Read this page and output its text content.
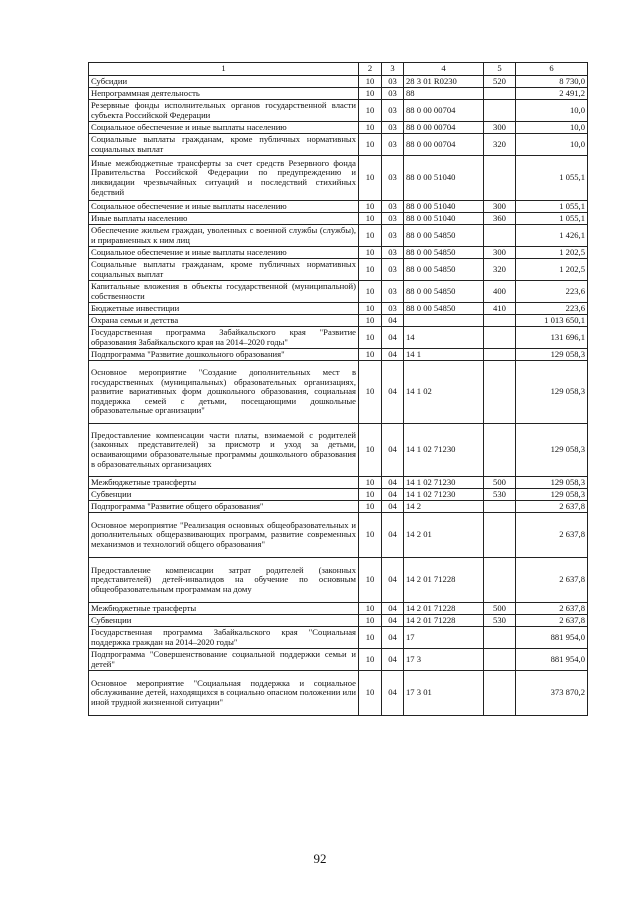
1	2	3	4	5	6
Субсидии	10	03	28 3 01 R0230	520	8 730,0
Непрограммная деятельность	10	03	88		2 491,2
Резервные фонды исполнительных органов государственной власти субъекта Российской Федерации	10	03	88 0 00 00704		10,0
Социальное обеспечение и иные выплаты населению	10	03	88 0 00 00704	300	10,0
Социальные выплаты гражданам, кроме публичных нормативных социальных выплат	10	03	88 0 00 00704	320	10,0
Иные межбюджетные трансферты за счет средств Резервного фонда Правительства Российской Федерации по предупреждению и ликвидации чрезвычайных ситуаций и последствий стихийных бедствий	10	03	88 0 00 51040		1 055,1
Социальное обеспечение и иные выплаты населению	10	03	88 0 00 51040	300	1 055,1
Иные выплаты населению	10	03	88 0 00 51040	360	1 055,1
Обеспечение жильем граждан, уволенных с военной службы (службы), и приравненных к ним лиц	10	03	88 0 00 54850		1 426,1
Социальное обеспечение и иные выплаты населению	10	03	88 0 00 54850	300	1 202,5
Социальные выплаты гражданам, кроме публичных нормативных социальных выплат	10	03	88 0 00 54850	320	1 202,5
Капитальные вложения в объекты государственной (муниципальной) собственности	10	03	88 0 00 54850	400	223,6
Бюджетные инвестиции	10	03	88 0 00 54850	410	223,6
Охрана семьи и детства	10	04			1 013 650,1
Государственная программа Забайкальского края "Развитие образования Забайкальского края на 2014–2020 годы"	10	04	14		131 696,1
Подпрограмма "Развитие дошкольного образования"	10	04	14 1		129 058,3
Основное мероприятие "Создание дополнительных мест в государственных (муниципальных) образовательных организациях, развитие вариативных форм дошкольного образования, социальная поддержка семей с детьми, посещающими дошкольные образовательные организации"	10	04	14 1 02		129 058,3
Предоставление компенсации части платы, взимаемой с родителей (законных представителей) за присмотр и уход за детьми, осваивающими образовательные программы дошкольного образования в образовательных организациях	10	04	14 1 02 71230		129 058,3
Межбюджетные трансферты	10	04	14 1 02 71230	500	129 058,3
Субвенции	10	04	14 1 02 71230	530	129 058,3
Подпрограмма "Развитие общего образования"	10	04	14 2		2 637,8
Основное мероприятие "Реализация основных общеобразовательных и дополнительных общеразвивающих программ, развитие современных механизмов и технологий общего образования"	10	04	14 2 01		2 637,8
Предоставление компенсации затрат родителей (законных представителей) детей-инвалидов на обучение по основным общеобразовательным программам на дому	10	04	14 2 01 71228		2 637,8
Межбюджетные трансферты	10	04	14 2 01 71228	500	2 637,8
Субвенции	10	04	14 2 01 71228	530	2 637,8
Государственная программа Забайкальского края "Социальная поддержка граждан на 2014–2020 годы"	10	04	17		881 954,0
Подпрограмма "Совершенствование социальной поддержки семьи и детей"	10	04	17 3		881 954,0
Основное мероприятие "Социальная поддержка и социальное обслуживание детей, находящихся в социально опасном положении или иной трудной жизненной ситуации"	10	04	17 3 01		373 870,2
92
